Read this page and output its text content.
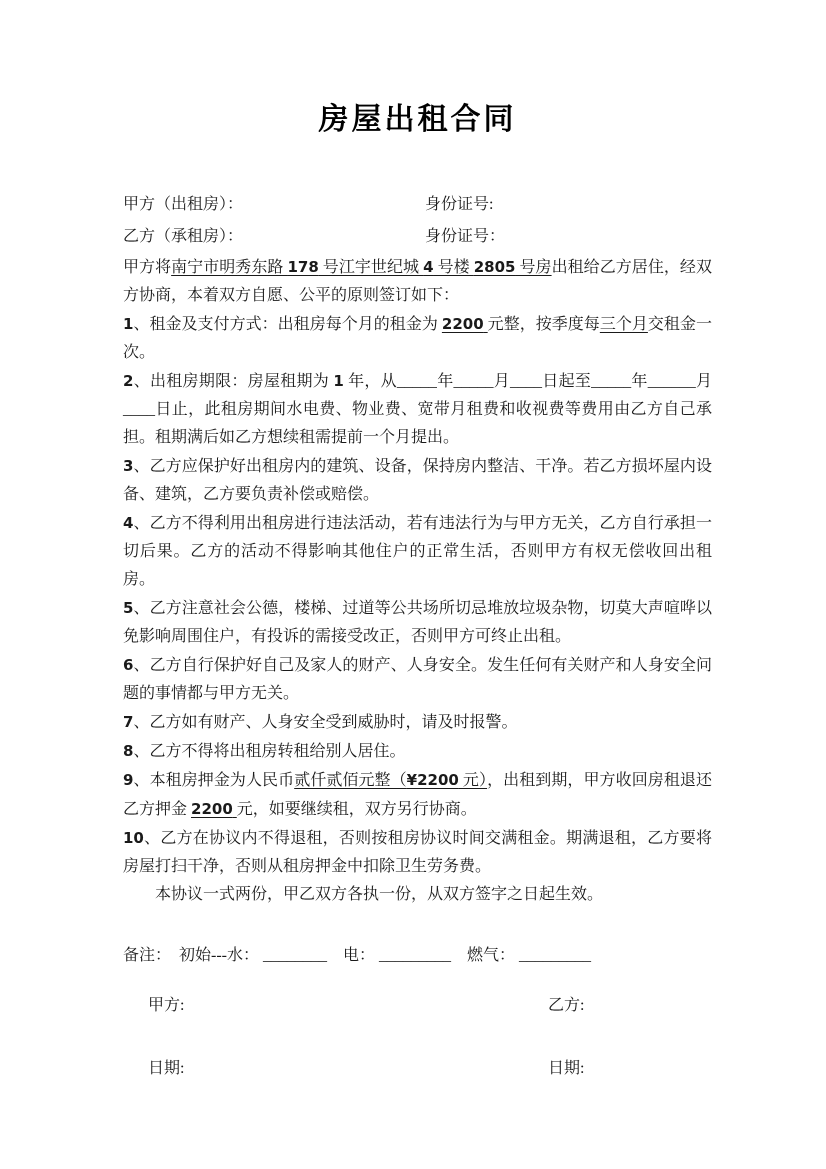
房屋出租合同
甲方（出租房）：	身份证号:
乙方（承租房）：	身份证号：

甲方将南宁市明秀东路 178 号江宇世纪城 4 号楼 2805 号房出租给乙方居住，经双方协商，本着双方自愿、公平的原则签订如下：

1、租金及支付方式：出租房每个月的租金为 2200 元整，按季度每三个月交租金一次。

2、出租房期限：房屋租期为 1 年，从_____年_____月____日起至_____年______月____日止，此租房期间水电费、物业费、宽带月租费和收视费等费用由乙方自己承担。租期满后如乙方想续租需提前一个月提出。

3、乙方应保护好出租房内的建筑、设备，保持房内整洁、干净。若乙方损坏屋内设备、建筑，乙方要负责补偿或赔偿。

4、乙方不得利用出租房进行违法活动，若有违法行为与甲方无关，乙方自行承担一切后果。乙方的活动不得影响其他住户的正常生活，否则甲方有权无偿收回出租房。

5、乙方注意社会公德，楼梯、过道等公共场所切忌堆放垃圾杂物，切莫大声喧哗以免影响周围住户，有投诉的需接受改正，否则甲方可终止出租。

6、乙方自行保护好自己及家人的财产、人身安全。发生任何有关财产和人身安全问题的事情都与甲方无关。

7、乙方如有财产、人身安全受到威胁时，请及时报警。

8、乙方不得将出租房转租给别人居住。

9、本租房押金为人民币贰仟贰佰元整（¥2200 元），出租到期，甲方收回房租退还乙方押金 2200 元，如要继续租，双方另行协商。

10、乙方在协议内不得退租，否则按租房协议时间交满租金。期满退租，乙方要将房屋打扫干净，否则从租房押金中扣除卫生劳务费。

本协议一式两份，甲乙双方各执一份，从双方签字之日起生效。

备注：　初始---水： ________　电： _________　燃气： _________
甲方:	乙方:
日期:	日期:
